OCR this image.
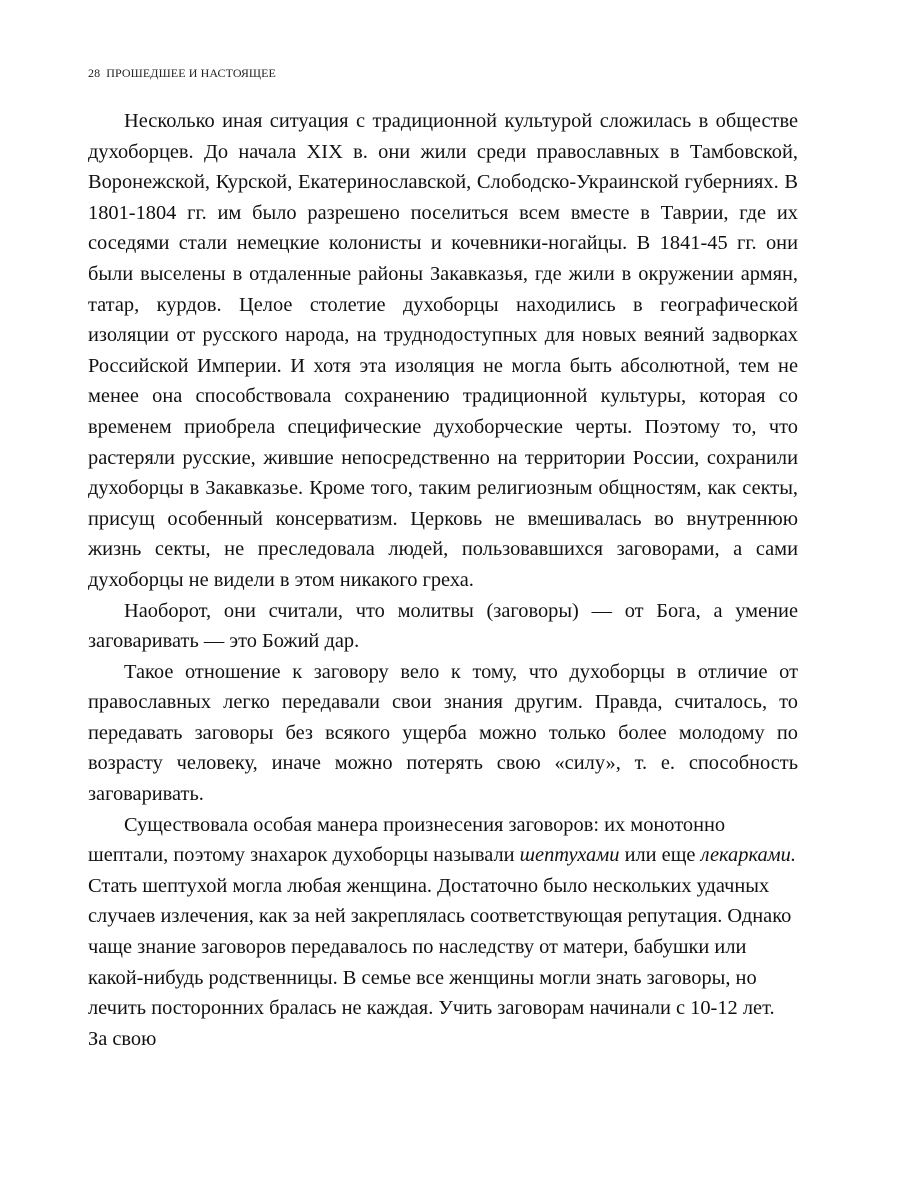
28 ПРОШЕДШЕЕ И НАСТОЯЩЕЕ

Несколько иная ситуация с традиционной культурой сложилась в обществе духоборцев. До начала XIX в. они жили среди православных в Тамбовской, Воронежской, Курской, Екатеринославской, Слободско-Украинской губерниях. В 1801-1804 гг. им было разрешено поселиться всем вместе в Таврии, где их соседями стали немецкие колонисты и кочевники-ногайцы. В 1841-45 гг. они были выселены в отдаленные районы Закавказья, где жили в окружении армян, татар, курдов. Целое столетие духоборцы находились в географической изоляции от русского народа, на труднодоступных для новых веяний задворках Российской Империи. И хотя эта изоляция не могла быть абсолютной, тем не менее она способствовала сохранению традиционной культуры, которая со временем приобрела специфические духоборческие черты. Поэтому то, что растеряли русские, жившие непосредственно на территории России, сохранили духоборцы в Закавказье. Кроме того, таким религиозным общностям, как секты, присущ особенный консерватизм. Церковь не вмешивалась во внутреннюю жизнь секты, не преследовала людей, пользовавшихся заговорами, а сами духоборцы не видели в этом никакого греха.

Наоборот, они считали, что молитвы (заговоры) — от Бога, а умение заговаривать — это Божий дар.

Такое отношение к заговору вело к тому, что духоборцы в отличие от православных легко передавали свои знания другим. Правда, считалось, то передавать заговоры без всякого ущерба можно только более молодому по возрасту человеку, иначе можно потерять свою «силу», т. е. способность заговаривать.

Существовала особая манера произнесения заговоров: их монотонно шептали, поэтому знахарок духоборцы называли шептухами или еще лекарками. Стать шептухой могла любая женщина. Достаточно было нескольких удачных случаев излечения, как за ней закреплялась соответствующая репутация. Однако чаще знание заговоров передавалось по наследству от матери, бабушки или какой-нибудь родственницы. В семье все женщины могли знать заговоры, но лечить посторонних бралась не каждая. Учить заговорам начинали с 10-12 лет. За свою
